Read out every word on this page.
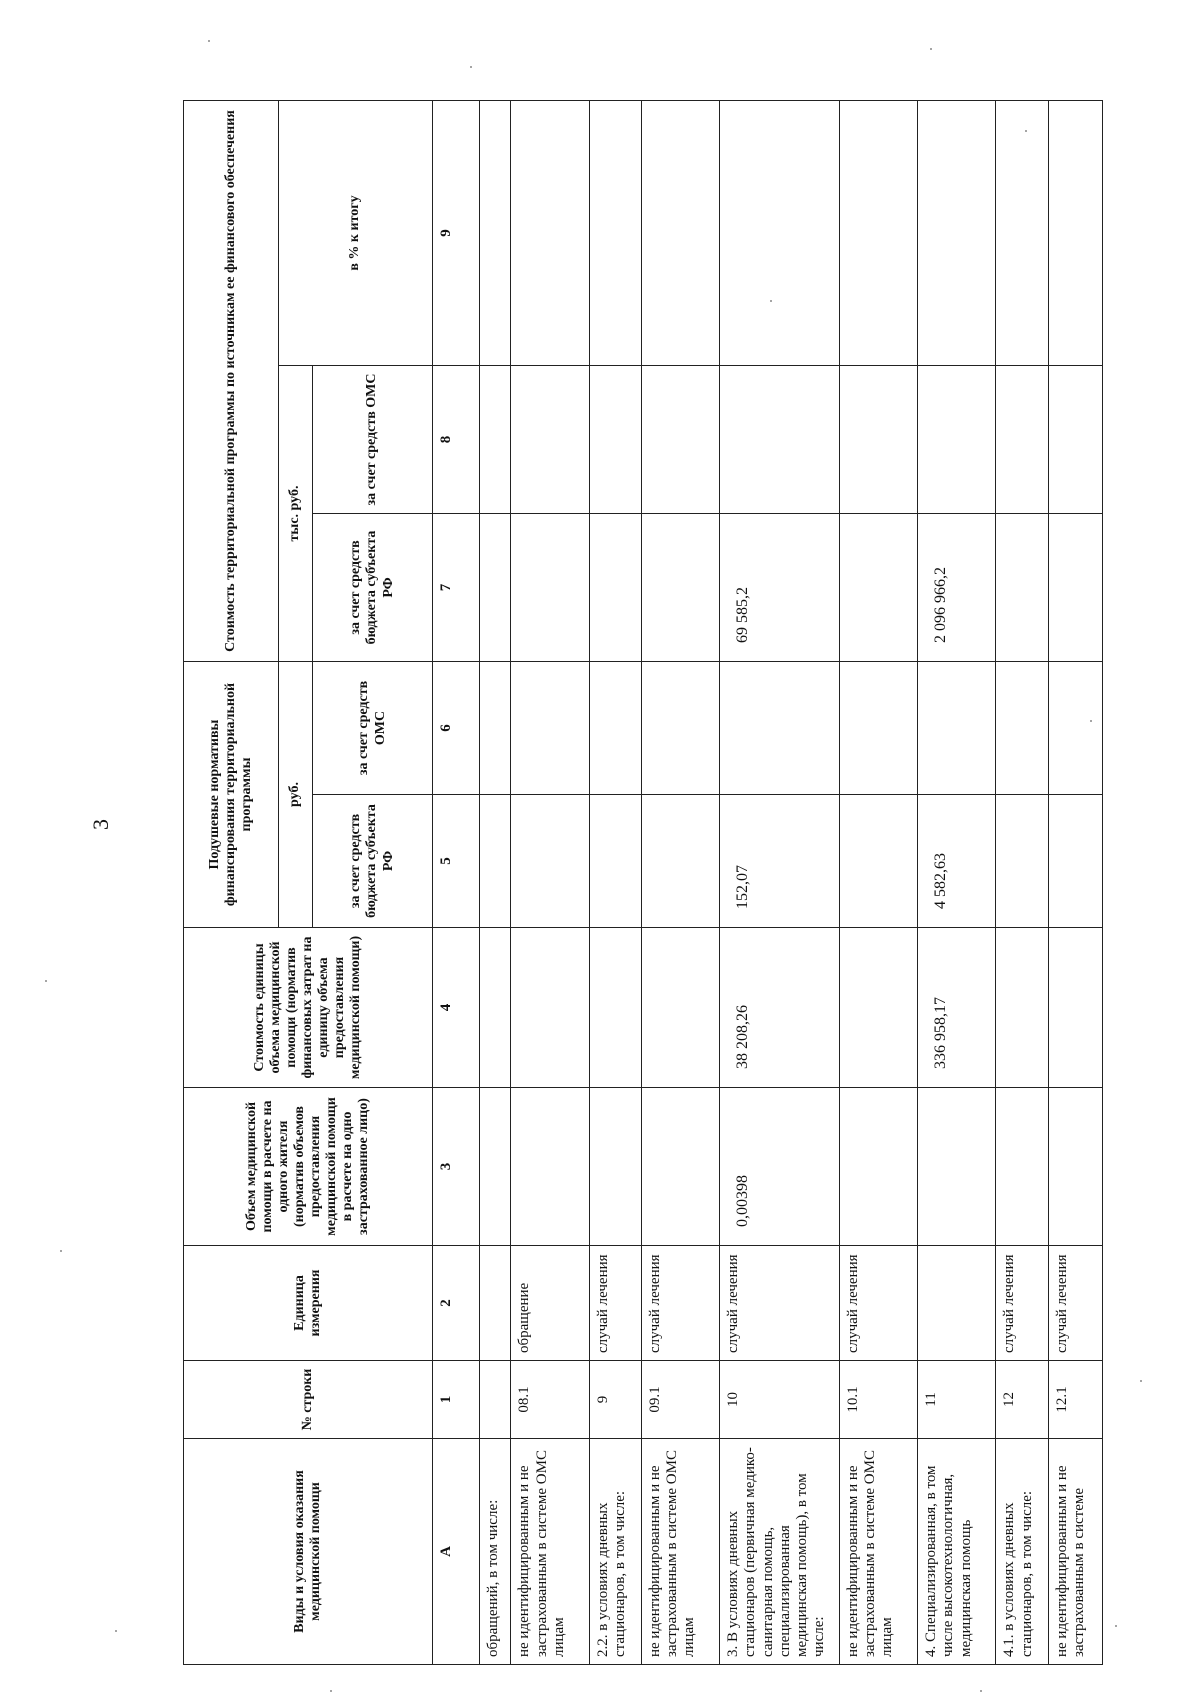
3
Виды и условия оказания медицинской помощи	№ строки	Единица измерения	Объем медицинской помощи в расчете на одного жителя (норматив объемов предоставления медицинской помощи в расчете на одно застрахованное лицо)	Стоимость единицы объема медицинской помощи (норматив финансовых затрат на единицу объема предоставления медицинской помощи)	Подушевые нормативы финансирования территориальной программы		Стоимость территориальной программы по источникам ее финансового обеспечения		
					руб.		тыс. руб.		в % к итогу
					за счет средств бюджета субъекта РФ	за счет средств ОМС	за счет средств бюджета субъекта РФ	за счет средств ОМС	
А	1	2	3	4	5	6	7	8	9
обращений, в том числе:									
не идентифицированным и не застрахованным в системе ОМС лицам	08.1	обращение							
2.2. в условиях дневных стационаров, в том числе:	9	случай лечения							
не идентифицированным и не застрахованным в системе ОМС лицам	09.1	случай лечения							
3. В условиях дневных стационаров (первичная медико-санитарная помощь, специализированная медицинская помощь), в том числе:	10	случай лечения	0,00398	38 208,26	152,07		69 585,2		
не идентифицированным и не застрахованным в системе ОМС лицам	10.1	случай лечения							
4. Специализированная, в том числе высокотехнологичная, медицинская помощь	11			336 958,17	4 582,63		2 096 966,2		
4.1. в условиях дневных стационаров, в том числе:	12	случай лечения							
не идентифицированным и не застрахованным в системе	12.1	случай лечения							
